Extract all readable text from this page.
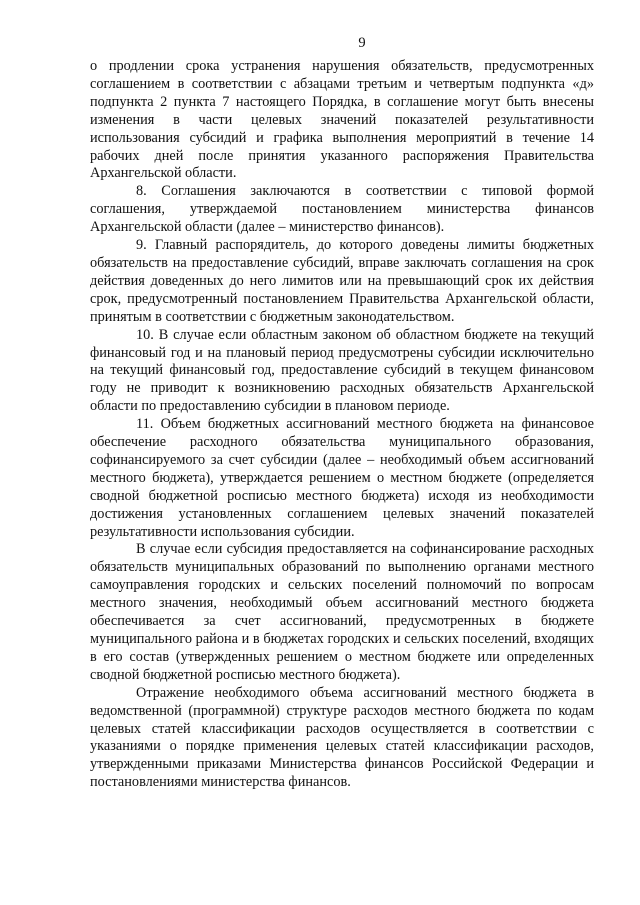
9

о продлении срока устранения нарушения обязательств, предусмотренных соглашением в соответствии с абзацами третьим и четвертым подпункта «д» подпункта 2 пункта 7 настоящего Порядка, в соглашение могут быть внесены изменения в части целевых значений показателей результативности использования субсидий и графика выполнения мероприятий в течение 14 рабочих дней после принятия указанного распоряжения Правительства Архангельской области.

8. Соглашения заключаются в соответствии с типовой формой соглашения, утверждаемой постановлением министерства финансов Архангельской области (далее – министерство финансов).

9. Главный распорядитель, до которого доведены лимиты бюджетных обязательств на предоставление субсидий, вправе заключать соглашения на срок действия доведенных до него лимитов или на превышающий срок их действия срок, предусмотренный постановлением Правительства Архангельской области, принятым в соответствии с бюджетным законодательством.

10. В случае если областным законом об областном бюджете на текущий финансовый год и на плановый период предусмотрены субсидии исключительно на текущий финансовый год, предоставление субсидий в текущем финансовом году не приводит к возникновению расходных обязательств Архангельской области по предоставлению субсидии в плановом периоде.

11. Объем бюджетных ассигнований местного бюджета на финансовое обеспечение расходного обязательства муниципального образования, софинансируемого за счет субсидии (далее – необходимый объем ассигнований местного бюджета), утверждается решением о местном бюджете (определяется сводной бюджетной росписью местного бюджета) исходя из необходимости достижения установленных соглашением целевых значений показателей результативности использования субсидии.

В случае если субсидия предоставляется на софинансирование расходных обязательств муниципальных образований по выполнению органами местного самоуправления городских и сельских поселений полномочий по вопросам местного значения, необходимый объем ассигнований местного бюджета обеспечивается за счет ассигнований, предусмотренных в бюджете муниципального района и в бюджетах городских и сельских поселений, входящих в его состав (утвержденных решением о местном бюджете или определенных сводной бюджетной росписью местного бюджета).

Отражение необходимого объема ассигнований местного бюджета в ведомственной (программной) структуре расходов местного бюджета по кодам целевых статей классификации расходов осуществляется в соответствии с указаниями о порядке применения целевых статей классификации расходов, утвержденными приказами Министерства финансов Российской Федерации и постановлениями министерства финансов.
